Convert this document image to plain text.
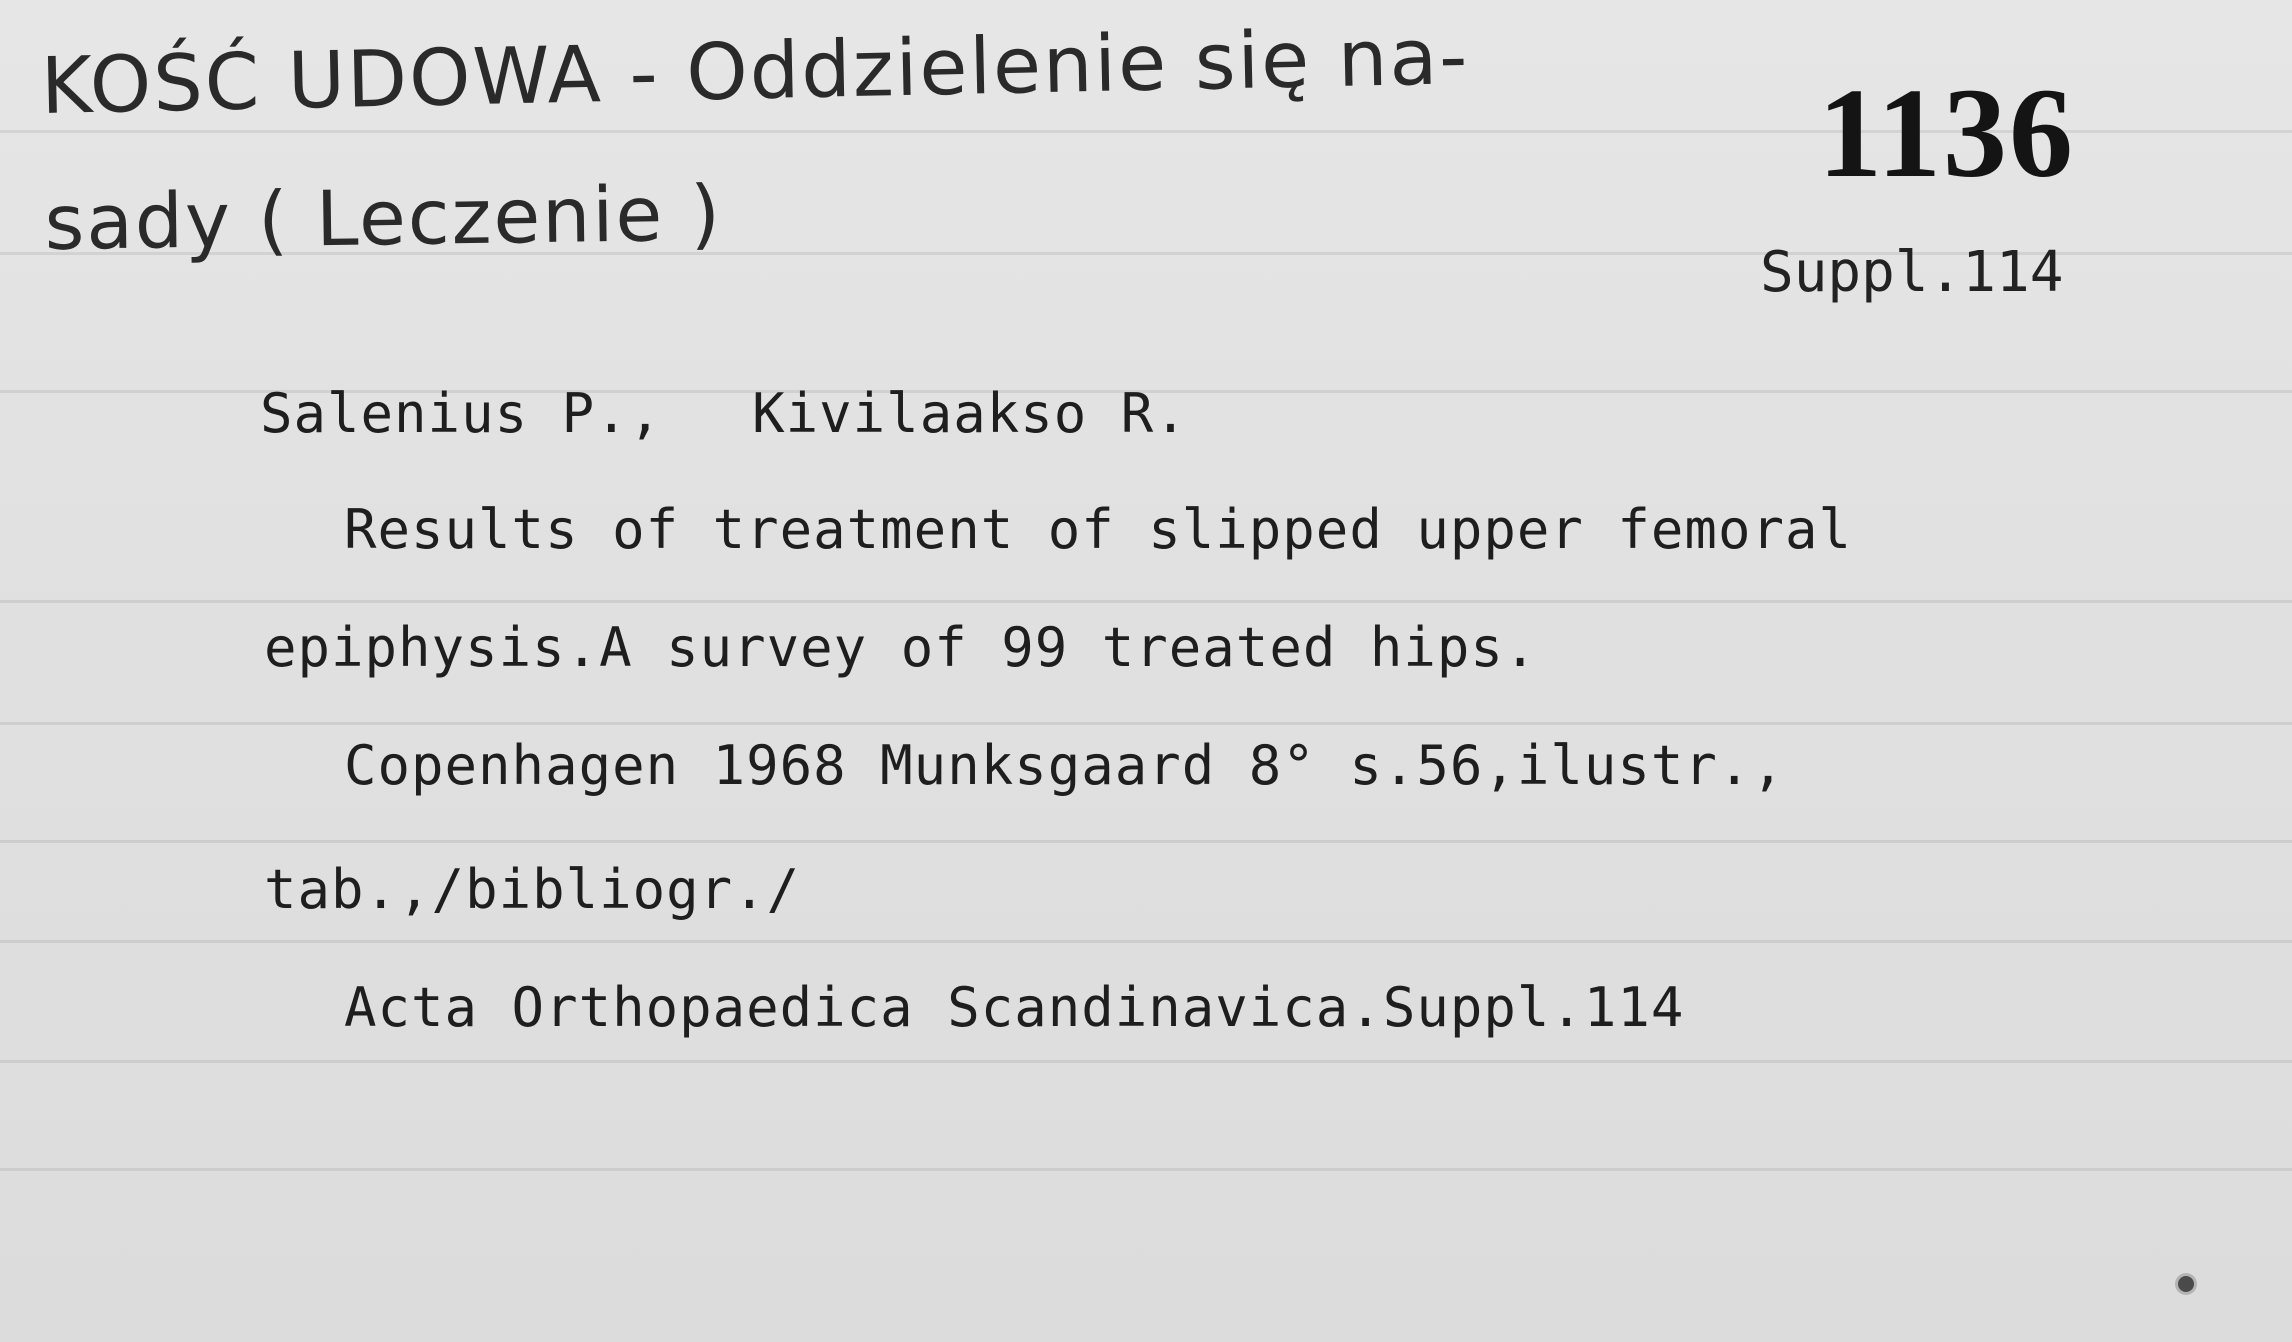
KOŚĆ UDOWA - Oddzielenie się na-
sady ( Leczenie )
1136
Suppl.114
Salenius P., Kivilaakso R.
Results of treatment of slipped upper femoral
epiphysis.A survey of 99 treated hips.
Copenhagen 1968 Munksgaard 8° s.56,ilustr.,
tab.,/bibliogr./
Acta Orthopaedica Scandinavica.Suppl.114
